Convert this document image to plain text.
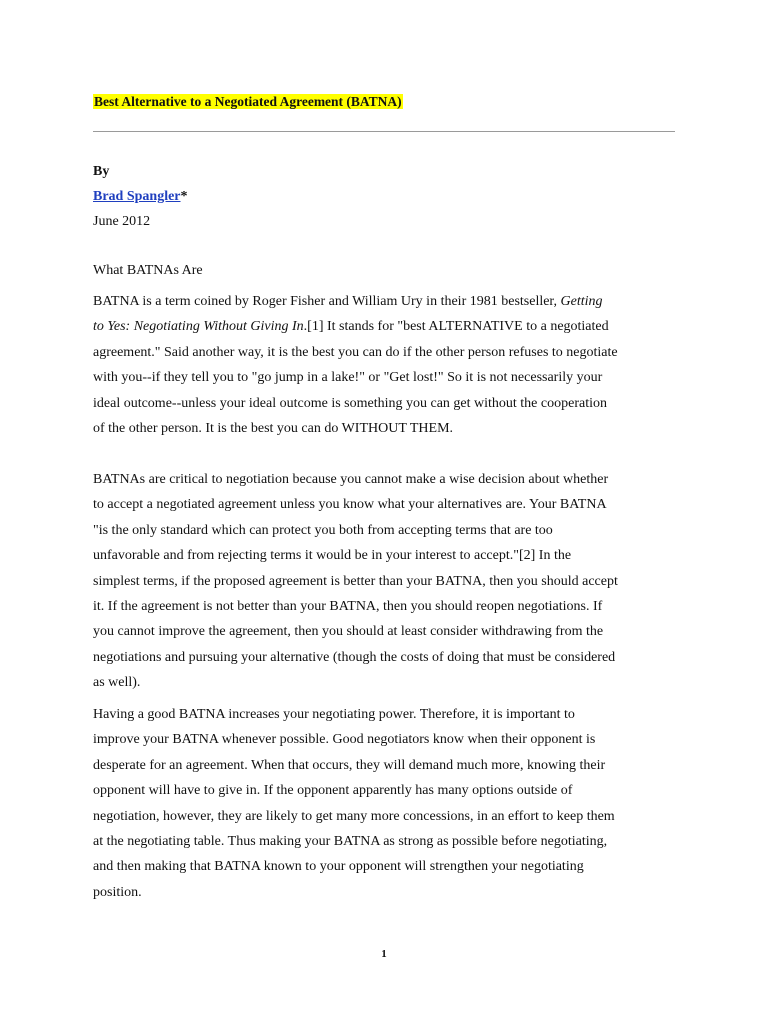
Best Alternative to a Negotiated Agreement (BATNA)
By
Brad Spangler*
June 2012
What BATNAs Are
BATNA is a term coined by Roger Fisher and William Ury in their 1981 bestseller, Getting
to Yes: Negotiating Without Giving In.[1] It stands for "best ALTERNATIVE to a negotiated
agreement." Said another way, it is the best you can do if the other person refuses to negotiate
with you--if they tell you to "go jump in a lake!" or "Get lost!" So it is not necessarily your
ideal outcome--unless your ideal outcome is something you can get without the cooperation
of the other person. It is the best you can do WITHOUT THEM.
BATNAs are critical to negotiation because you cannot make a wise decision about whether
to accept a negotiated agreement unless you know what your alternatives are. Your BATNA
"is the only standard which can protect you both from accepting terms that are too
unfavorable and from rejecting terms it would be in your interest to accept."[2] In the
simplest terms, if the proposed agreement is better than your BATNA, then you should accept
it. If the agreement is not better than your BATNA, then you should reopen negotiations. If
you cannot improve the agreement, then you should at least consider withdrawing from the
negotiations and pursuing your alternative (though the costs of doing that must be considered
as well).
Having a good BATNA increases your negotiating power. Therefore, it is important to
improve your BATNA whenever possible. Good negotiators know when their opponent is
desperate for an agreement. When that occurs, they will demand much more, knowing their
opponent will have to give in. If the opponent apparently has many options outside of
negotiation, however, they are likely to get many more concessions, in an effort to keep them
at the negotiating table. Thus making your BATNA as strong as possible before negotiating,
and then making that BATNA known to your opponent will strengthen your negotiating
position.
1
